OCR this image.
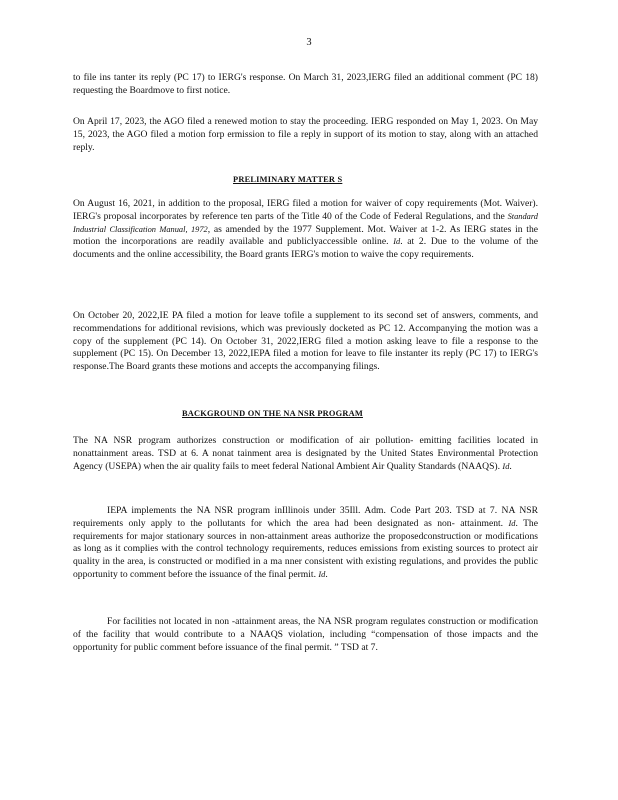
3

to file ins tanter its reply (PC 17) to IERG's response. On March 31, 2023,IERG filed an additional comment (PC 18) requesting the Boardmove to first notice.

On April 17, 2023, the AGO filed a renewed motion to stay the proceeding. IERG responded on May 1, 2023. On May 15, 2023, the AGO filed a motion forp ermission to file a reply in support of its motion to stay, along with an attached reply.

PRELIMINARY MATTER S

On August 16, 2021, in addition to the proposal, IERG filed a motion for waiver of copy requirements (Mot. Waiver). IERG's proposal incorporates by reference ten parts of the Title 40 of the Code of Federal Regulations, and the Standard Industrial Classification Manual, 1972, as amended by the 1977 Supplement. Mot. Waiver at 1-2. As IERG states in the motion the incorporations are readily available and publiclyaccessible online. Id. at 2. Due to the volume of the documents and the online accessibility, the Board grants IERG's motion to waive the copy requirements.

On October 20, 2022,IE PA filed a motion for leave tofile a supplement to its second set of answers, comments, and recommendations for additional revisions, which was previously docketed as PC 12. Accompanying the motion was a copy of the supplement (PC 14). On October 31, 2022,IERG filed a motion asking leave to file a response to the supplement (PC 15). On December 13, 2022,IEPA filed a motion for leave to file instanter its reply (PC 17) to IERG's response.The Board grants these motions and accepts the accompanying filings.

BACKGROUND ON THE NA NSR PROGRAM

The NA NSR program authorizes construction or modification of air pollution- emitting facilities located in nonattainment areas. TSD at 6. A nonat tainment area is designated by the United States Environmental Protection Agency (USEPA) when the air quality fails to meet federal National Ambient Air Quality Standards (NAAQS). Id.

IEPA implements the NA NSR program inIllinois under 35Ill. Adm. Code Part 203. TSD at 7. NA NSR requirements only apply to the pollutants for which the area had been designated as non- attainment. Id. The requirements for major stationary sources in non-attainment areas authorize the proposedconstruction or modifications as long as it complies with the control technology requirements, reduces emissions from existing sources to protect air quality in the area, is constructed or modified in a ma nner consistent with existing regulations, and provides the public opportunity to comment before the issuance of the final permit. Id.

For facilities not located in non -attainment areas, the NA NSR program regulates construction or modification of the facility that would contribute to a NAAQS violation, including “compensation of those impacts and the opportunity for public comment before issuance of the final permit. ” TSD at 7.
